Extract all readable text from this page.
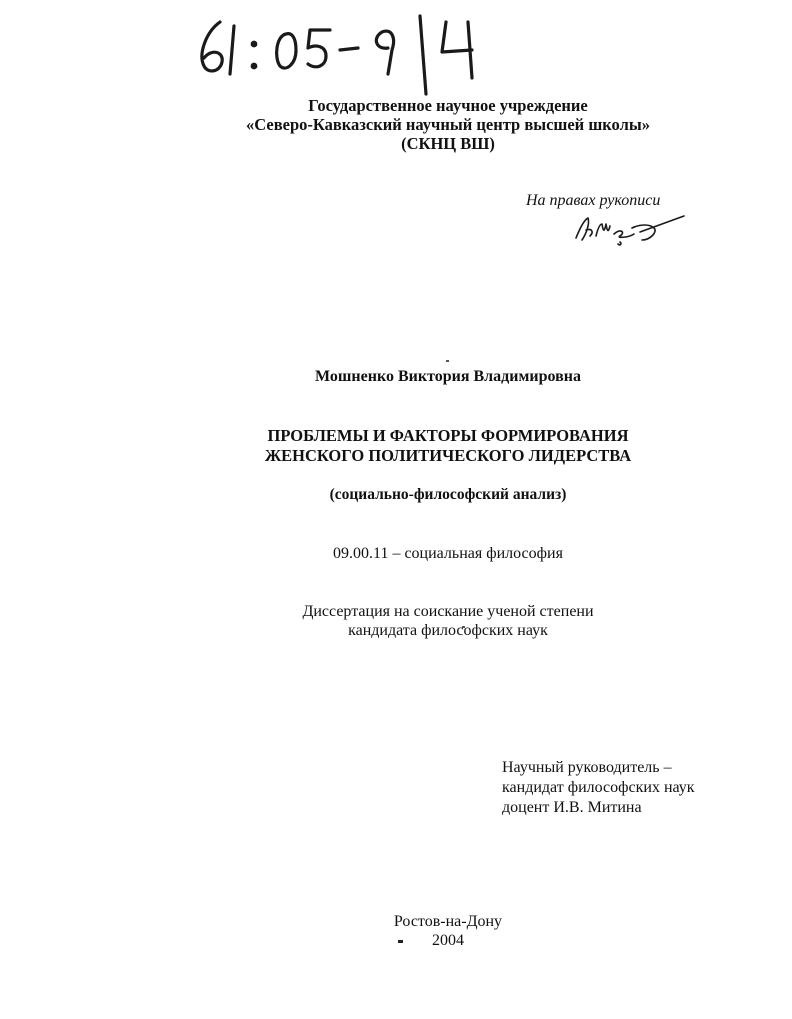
Государственное научное учреждение
«Северо-Кавказский научный центр высшей школы»
(СКНЦ ВШ)
На правах рукописи
Мошненко Виктория Владимировна
ПРОБЛЕМЫ И ФАКТОРЫ ФОРМИРОВАНИЯ
ЖЕНСКОГО ПОЛИТИЧЕСКОГО ЛИДЕРСТВА
(социально-философский анализ)
09.00.11 – социальная философия
Диссертация на соискание ученой степени
кандидата философских наук
Научный руководитель –
кандидат философских наук
доцент И.В. Митина
Ростов-на-Дону
2004
